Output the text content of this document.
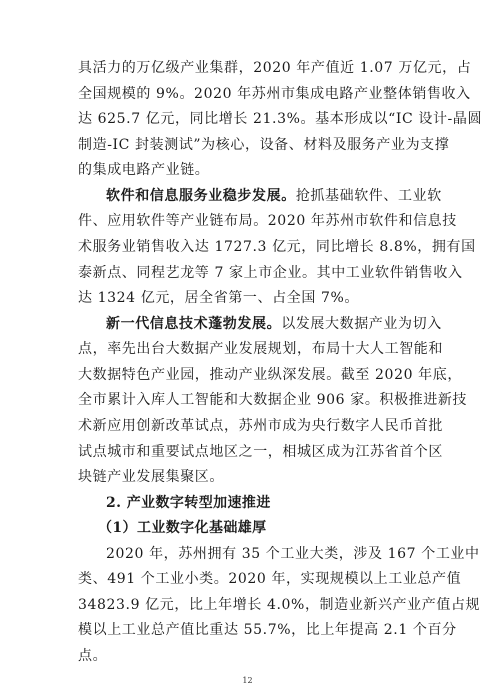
具活力的万亿级产业集群，2020 年产值近 1.07 万亿元，占
全国规模的 9%。2020 年苏州市集成电路产业整体销售收入
达 625.7 亿元，同比增长 21.3%。基本形成以“IC 设计-晶圆
制造-IC 封装测试”为核心，设备、材料及服务产业为支撑
的集成电路产业链。
软件和信息服务业稳步发展。抢抓基础软件、工业软
件、应用软件等产业链布局。2020 年苏州市软件和信息技
术服务业销售收入达 1727.3 亿元，同比增长 8.8%，拥有国
泰新点、同程艺龙等 7 家上市企业。其中工业软件销售收入
达 1324 亿元，居全省第一、占全国 7%。
新一代信息技术蓬勃发展。以发展大数据产业为切入
点，率先出台大数据产业发展规划，布局十大人工智能和
大数据特色产业园，推动产业纵深发展。截至 2020 年底，
全市累计入库人工智能和大数据企业 906 家。积极推进新技
术新应用创新改革试点，苏州市成为央行数字人民币首批
试点城市和重要试点地区之一，相城区成为江苏省首个区
块链产业发展集聚区。
2. 产业数字转型加速推进
（1）工业数字化基础雄厚
2020 年，苏州拥有 35 个工业大类，涉及 167 个工业中
类、491 个工业小类。2020 年，实现规模以上工业总产值
34823.9 亿元，比上年增长 4.0%，制造业新兴产业产值占规
模以上工业总产值比重达 55.7%，比上年提高 2.1 个百分
点。
12
